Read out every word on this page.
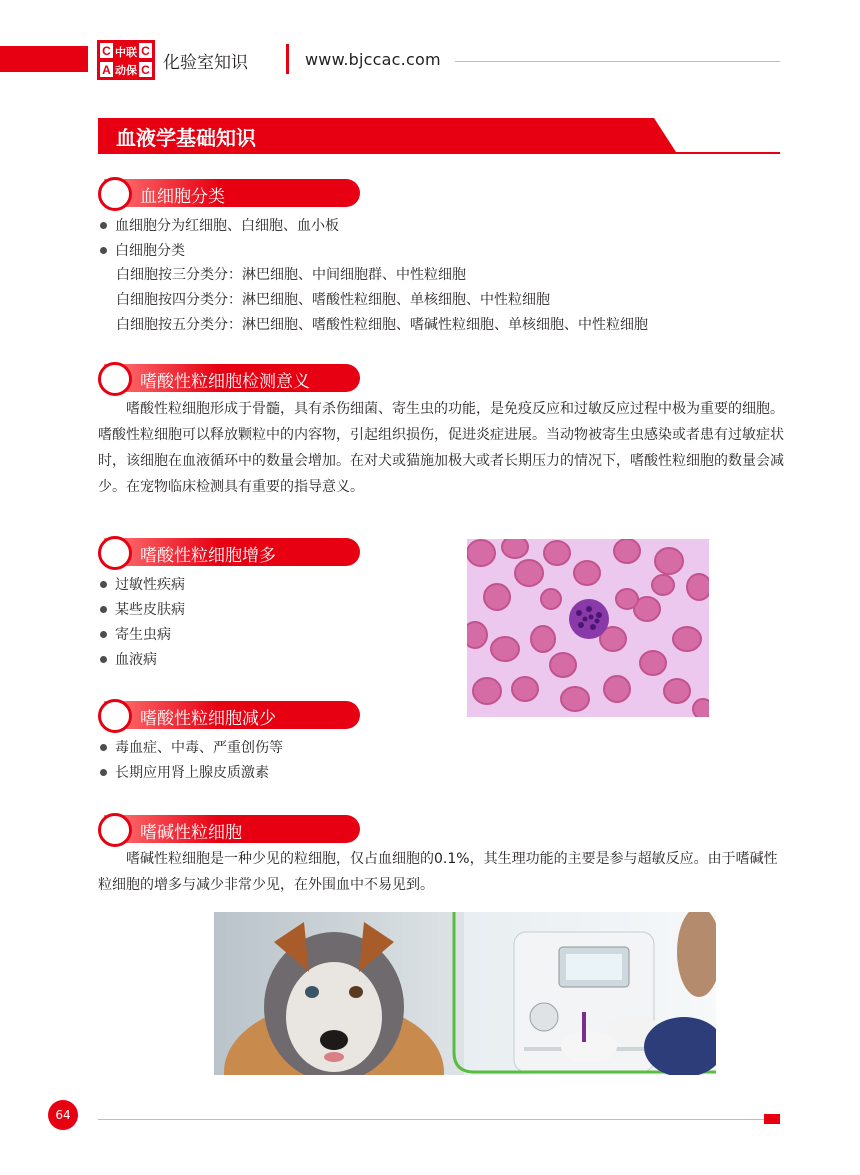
C 中联 C
A 动保 C 化验室知识	www.bjccac.com
血液学基础知识
血细胞分类
血细胞分为红细胞、白细胞、血小板
白细胞分类
白细胞按三分类分：淋巴细胞、中间细胞群、中性粒细胞
白细胞按四分类分：淋巴细胞、嗜酸性粒细胞、单核细胞、中性粒细胞
白细胞按五分类分：淋巴细胞、嗜酸性粒细胞、嗜碱性粒细胞、单核细胞、中性粒细胞
嗜酸性粒细胞检测意义
嗜酸性粒细胞形成于骨髓，具有杀伤细菌、寄生虫的功能，是免疫反应和过敏反应过程中极为重要的细胞。嗜酸性粒细胞可以释放颗粒中的内容物，引起组织损伤，促进炎症进展。当动物被寄生虫感染或者患有过敏症状时，该细胞在血液循环中的数量会增加。在对犬或猫施加极大或者长期压力的情况下，嗜酸性粒细胞的数量会减少。在宠物临床检测具有重要的指导意义。
嗜酸性粒细胞增多
过敏性疾病
某些皮肤病
寄生虫病
血液病
嗜酸性粒细胞减少
毒血症、中毒、严重创伤等
长期应用肾上腺皮质激素
嗜碱性粒细胞
嗜碱性粒细胞是一种少见的粒细胞，仅占血细胞的0.1%，其生理功能的主要是参与超敏反应。由于嗜碱性粒细胞的增多与减少非常少见，在外围血中不易见到。
64
